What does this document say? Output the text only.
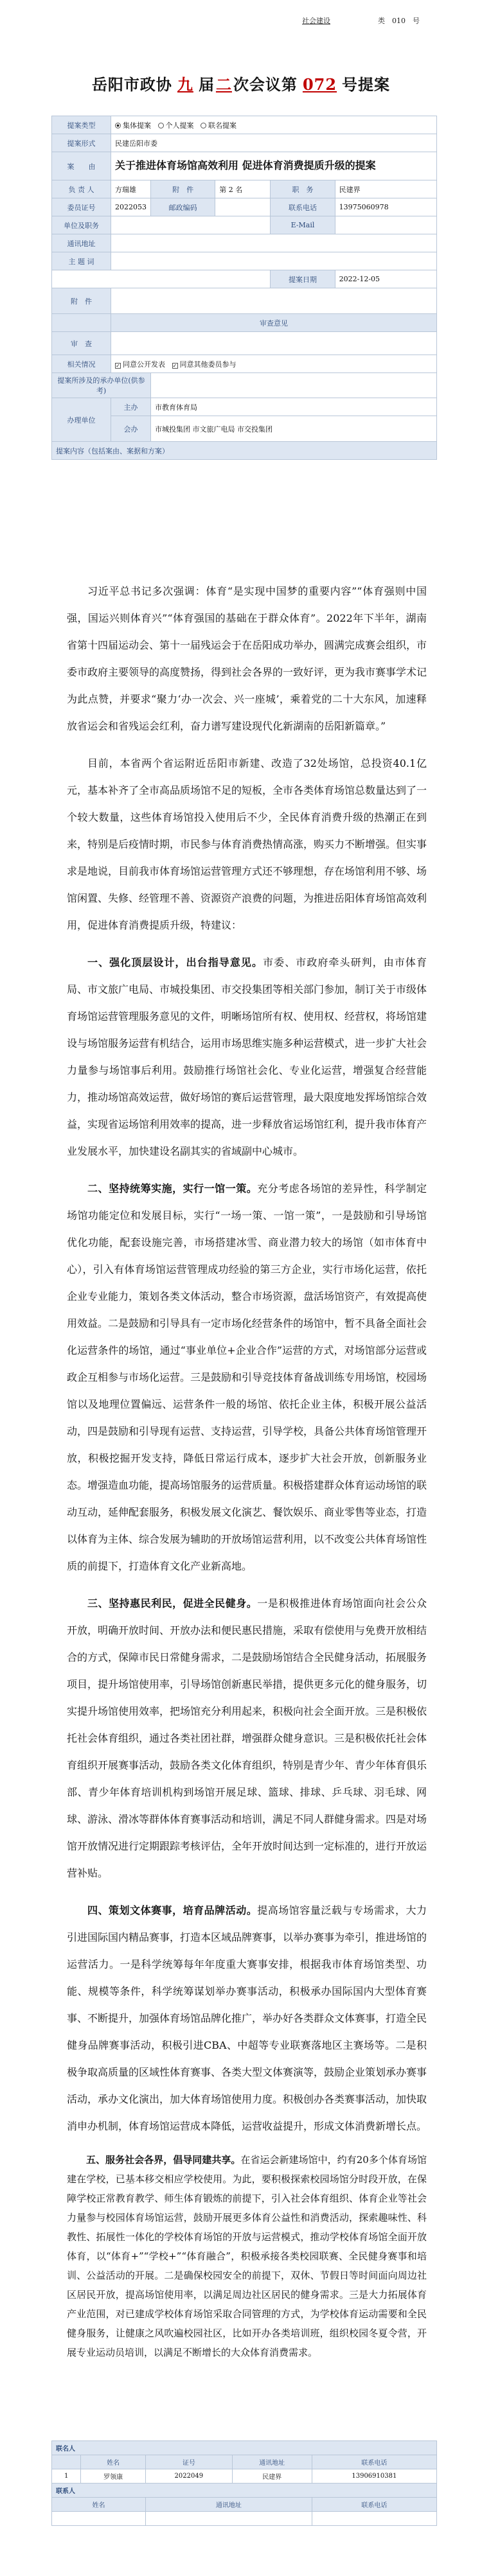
社会建设	类　010　号
岳阳市政协 九 届二次会议第 072 号提案
提案类型	集体提案 个人提案 联名提案				
提案形式	民建岳阳市委				
案　　由	关于推进体育场馆高效利用 促进体育消费提质升级的提案				
负 责 人	方瑞雄	附　件	第 2 名	职　务	民建界
委员证号	2022053	邮政编码		联系电话	13975060978
单位及职务				E-Mail	
通讯地址					
主 题 词					
				提案日期	2022-12-05
附　件					
	审查意见				
审　查					
相关情况	✓ 同意公开发表 ✓ 同意其他委员参与				
提案所涉及的承办单位(供参考)					
办理单位	主办	市教育体育局			
	会办	市城投集团 市文旅广电局 市交投集团			
提案内容（包括案由、案据和方案）					

习近平总书记多次强调：体育“是实现中国梦的重要内容”“体育强则中国强，国运兴则体育兴”“体育强国的基础在于群众体育”。2022年下半年，湖南省第十四届运动会、第十一届残运会于在岳阳成功举办，圆满完成赛会组织，市委市政府主要领导的高度赞扬，得到社会各界的一致好评，更为我市赛事学术记为此点赞，并要求“聚力‘办一次会、兴一座城’，乘着党的二十大东风，加速释放省运会和省残运会红利，奋力谱写建设现代化新湖南的岳阳新篇章。”

目前，本省两个省运附近岳阳市新建、改造了32处场馆，总投资40.1亿元，基本补齐了全市高品质场馆不足的短板，全市各类体育场馆总数量达到了一个较大数量，这些体育场馆投入使用后不少，全民体育消费升级的热潮正在到来，特别是后疫情时期，市民参与体育消费热情高涨，购买力不断增强。但实事求是地说，目前我市体育场馆运营管理方式还不够理想，存在场馆利用不够、场馆闲置、失修、经管理不善、资源资产浪费的问题，为推进岳阳体育场馆高效利用，促进体育消费提质升级，特建议：

一、强化顶层设计，出台指导意见。市委、市政府牵头研判，由市体育局、市文旅广电局、市城投集团、市交投集团等相关部门参加，制订关于市级体育场馆运营管理服务意见的文件，明晰场馆所有权、使用权、经营权，将场馆建设与场馆服务运营有机结合，运用市场思维实施多种运营模式，进一步扩大社会力量参与场馆事后利用。鼓励推行场馆社会化、专业化运营，增强复合经营能力，推动场馆高效运营，做好场馆的赛后运营管理，最大限度地发挥场馆综合效益，实现省运场馆利用效率的提高，进一步释放省运场馆红利，提升我市体育产业发展水平，加快建设名副其实的省域副中心城市。

二、坚持统筹实施，实行一馆一策。充分考虑各场馆的差异性，科学制定场馆功能定位和发展目标，实行“一场一策、一馆一策”，一是鼓励和引导场馆优化功能，配套设施完善，市场搭建冰雪、商业潜力较大的场馆（如市体育中心），引入有体育场馆运营管理成功经验的第三方企业，实行市场化运营，依托企业专业能力，策划各类文体活动，整合市场资源，盘活场馆资产，有效提高使用效益。二是鼓励和引导具有一定市场化经营条件的场馆中，暂不具备全面社会化运营条件的场馆，通过“事业单位+企业合作”运营的方式，对场馆部分运营或政企互相参与市场化运营。三是鼓励和引导竞技体育备战训练专用场馆，校园场馆以及地理位置偏远、运营条件一般的场馆、依托企业主体，积极开展公益活动，四是鼓励和引导现有运营、支持运营，引导学校，具备公共体育场馆管理开放，积极挖掘开发支持，降低日常运行成本，逐步扩大社会开放，创新服务业态。增强造血功能，提高场馆服务的运营质量。积极搭建群众体育运动场馆的联动互动，延伸配套服务，积极发展文化演艺、餐饮娱乐、商业零售等业态，打造以体育为主体、综合发展为辅助的开放场馆运营利用，以不改变公共体育场馆性质的前提下，打造体育文化产业新高地。

三、坚持惠民利民，促进全民健身。一是积极推进体育场馆面向社会公众开放，明确开放时间、开放办法和便民惠民措施，采取有偿使用与免费开放相结合的方式，保障市民日常健身需求，二是鼓励场馆结合全民健身活动，拓展服务项目，提升场馆使用率，引导场馆创新惠民举措，提供更多元化的健身服务，切实提升场馆使用效率，把场馆充分利用起来，积极向社会全面开放。三是积极依托社会体育组织，通过各类社团社群，增强群众健身意识。三是积极依托社会体育组织开展赛事活动，鼓励各类文化体育组织，特别是青少年、青少年体育俱乐部、青少年体育培训机构到场馆开展足球、篮球、排球、乒乓球、羽毛球、网球、游泳、滑冰等群体体育赛事活动和培训，满足不同人群健身需求。四是对场馆开放情况进行定期跟踪考核评估，全年开放时间达到一定标准的，进行开放运营补贴。

四、策划文体赛事，培育品牌活动。提高场馆容量泛载与专场需求，大力引进国际国内精品赛事，打造本区域品牌赛事，以举办赛事为牵引，推进场馆的运营活力。一是科学统筹每年年度重大赛事安排，根据我市体育场馆类型、功能、规模等条件，科学统筹谋划举办赛事活动，积极承办国际国内大型体育赛事、不断提升，加强体育场馆品牌化推广，举办好各类群众文体赛事，打造全民健身品牌赛事活动，积极引进CBA、中超等专业联赛落地区主赛场等。二是积极争取高质量的区域性体育赛事、各类大型文体赛演等，鼓励企业策划承办赛事活动，承办文化演出，加大体育场馆使用力度。积极创办各类赛事活动，加快取消申办机制，体育场馆运营成本降低，运营收益提升，形成文体消费新增长点。

五、服务社会各界，倡导同建共享。在省运会新建场馆中，约有20多个体育场馆建在学校，已基本移交相应学校使用。为此，要积极探索校园场馆分时段开放，在保障学校正常教育教学、师生体育锻炼的前提下，引入社会体育组织、体育企业等社会力量参与校园体育场馆运营，鼓励开展更多体育公益性和消费活动，探索趣味性、科教性、拓展性一体化的学校体育场馆的开放与运营模式，推动学校体育场馆全面开放体育，以“体育+”“学校+”“体育融合”，积极承接各类校园联赛、全民健身赛事和培训、公益活动的开展。二是确保校园安全的前提下，双休、节假日等时间面向周边社区居民开放，提高场馆使用率，以满足周边社区居民的健身需求。三是大力拓展体育产业范围，对已建成学校体育场馆采取合同管理的方式，为学校体育运动需要和全民健身服务，让健康之风吹遍校园社区，比如开办各类培训班，组织校园冬夏令营，开展专业运动员培训，以满足不断增长的大众体育消费需求。

联名人				
	姓名	证号	通讯地址	联系电话
1	罗领康	2022049	民建界	13906910381
联系人				
姓名		通讯地址		联系电话
